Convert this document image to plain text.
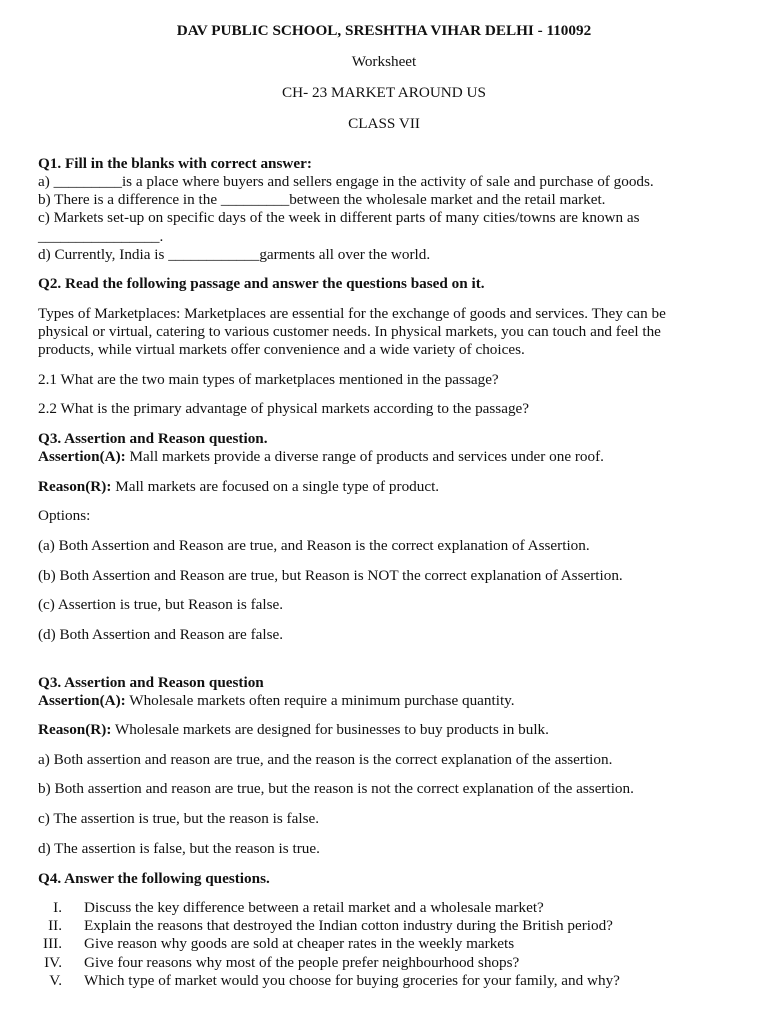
DAV PUBLIC SCHOOL, SRESHTHA VIHAR DELHI - 110092
Worksheet
CH- 23 MARKET AROUND US
CLASS VII
Q1. Fill in the blanks with correct answer:
a) _________is a place where buyers and sellers engage in the activity of sale and purchase of goods.
b) There is a difference in the _________between the wholesale market and the retail market.
c) Markets set-up on specific days of the week in different parts of many cities/towns are known as
________________.
d) Currently, India is ____________garments all over the world.
Q2. Read the following passage and answer the questions based on it.
Types of Marketplaces: Marketplaces are essential for the exchange of goods and services. They can be
physical or virtual, catering to various customer needs. In physical markets, you can touch and feel the
products, while virtual markets offer convenience and a wide variety of choices.
2.1 What are the two main types of marketplaces mentioned in the passage?
2.2 What is the primary advantage of physical markets according to the passage?
Q3. Assertion and Reason question.
Assertion(A): Mall markets provide a diverse range of products and services under one roof.
Reason(R): Mall markets are focused on a single type of product.
Options:
(a) Both Assertion and Reason are true, and Reason is the correct explanation of Assertion.
(b) Both Assertion and Reason are true, but Reason is NOT the correct explanation of Assertion.
(c) Assertion is true, but Reason is false.
(d) Both Assertion and Reason are false.
Q3. Assertion and Reason question
Assertion(A): Wholesale markets often require a minimum purchase quantity.
Reason(R): Wholesale markets are designed for businesses to buy products in bulk.
a) Both assertion and reason are true, and the reason is the correct explanation of the assertion.
b) Both assertion and reason are true, but the reason is not the correct explanation of the assertion.
c) The assertion is true, but the reason is false.
d) The assertion is false, but the reason is true.
Q4. Answer the following questions.
I. Discuss the key difference between a retail market and a wholesale market?
II. Explain the reasons that destroyed the Indian cotton industry during the British period?
III. Give reason why goods are sold at cheaper rates in the weekly markets
IV. Give four reasons why most of the people prefer neighbourhood shops?
V. Which type of market would you choose for buying groceries for your family, and why?
